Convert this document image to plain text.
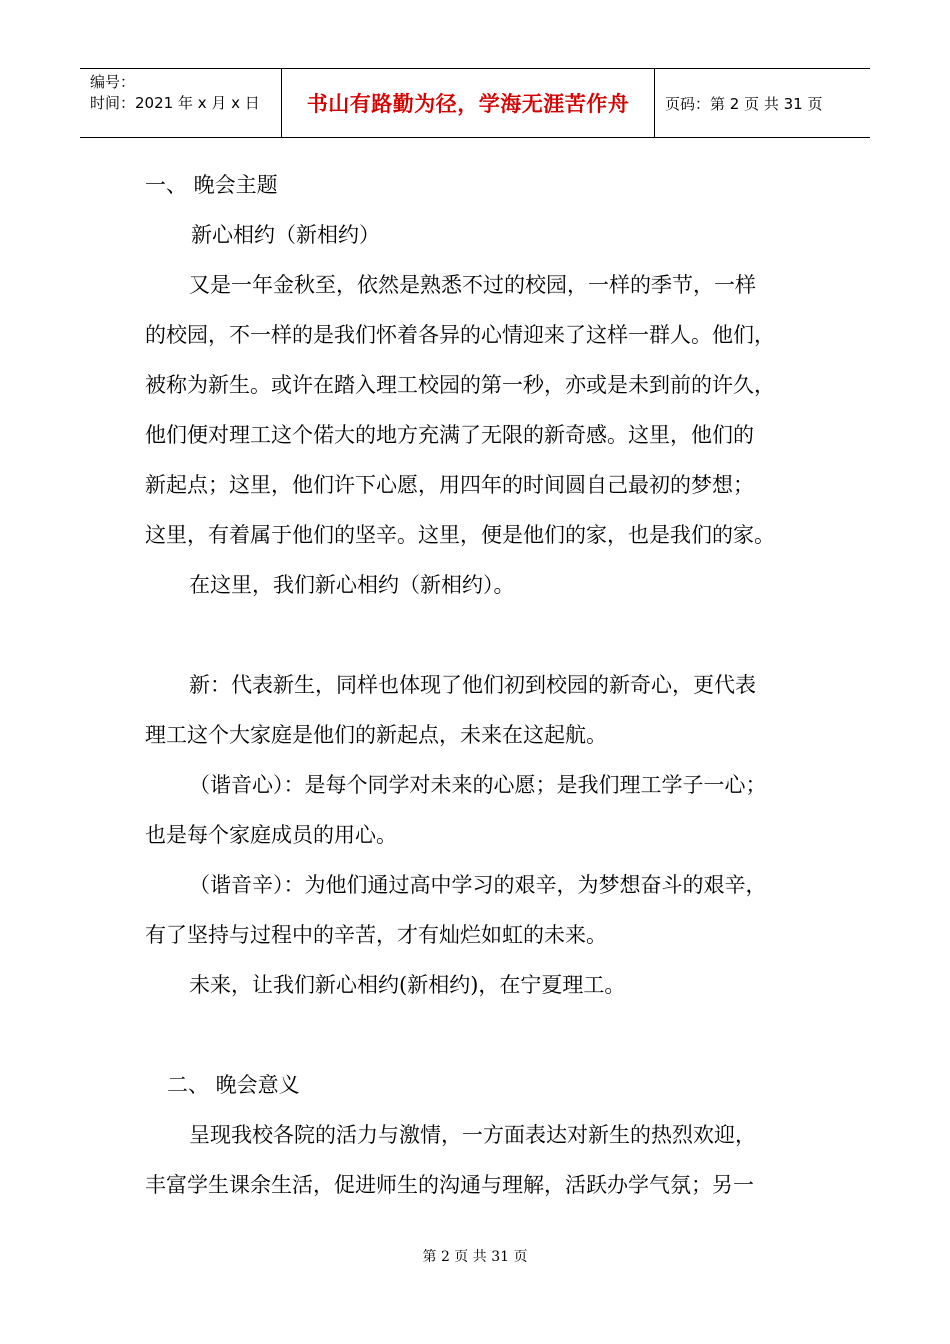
编号：
时间：2021 年 x 月 x 日	书山有路勤为径，学海无涯苦作舟	页码：第 2 页 共 31 页
一、 晚会主题
新心相约（新相约）
又是一年金秋至，依然是熟悉不过的校园，一样的季节，一样
的校园，不一样的是我们怀着各异的心情迎来了这样一群人。他们，
被称为新生。或许在踏入理工校园的第一秒，亦或是未到前的许久，
他们便对理工这个偌大的地方充满了无限的新奇感。这里，他们的
新起点；这里，他们许下心愿，用四年的时间圆自己最初的梦想；
这里，有着属于他们的坚辛。这里，便是他们的家，也是我们的家。
在这里，我们新心相约（新相约）。
新：代表新生，同样也体现了他们初到校园的新奇心，更代表
理工这个大家庭是他们的新起点，未来在这起航。
（谐音心）：是每个同学对未来的心愿；是我们理工学子一心；
也是每个家庭成员的用心。
（谐音辛）：为他们通过高中学习的艰辛，为梦想奋斗的艰辛，
有了坚持与过程中的辛苦，才有灿烂如虹的未来。
未来，让我们新心相约(新相约)，在宁夏理工。
二、 晚会意义
呈现我校各院的活力与激情，一方面表达对新生的热烈欢迎，
丰富学生课余生活，促进师生的沟通与理解，活跃办学气氛；另一
第 2 页 共 31 页
